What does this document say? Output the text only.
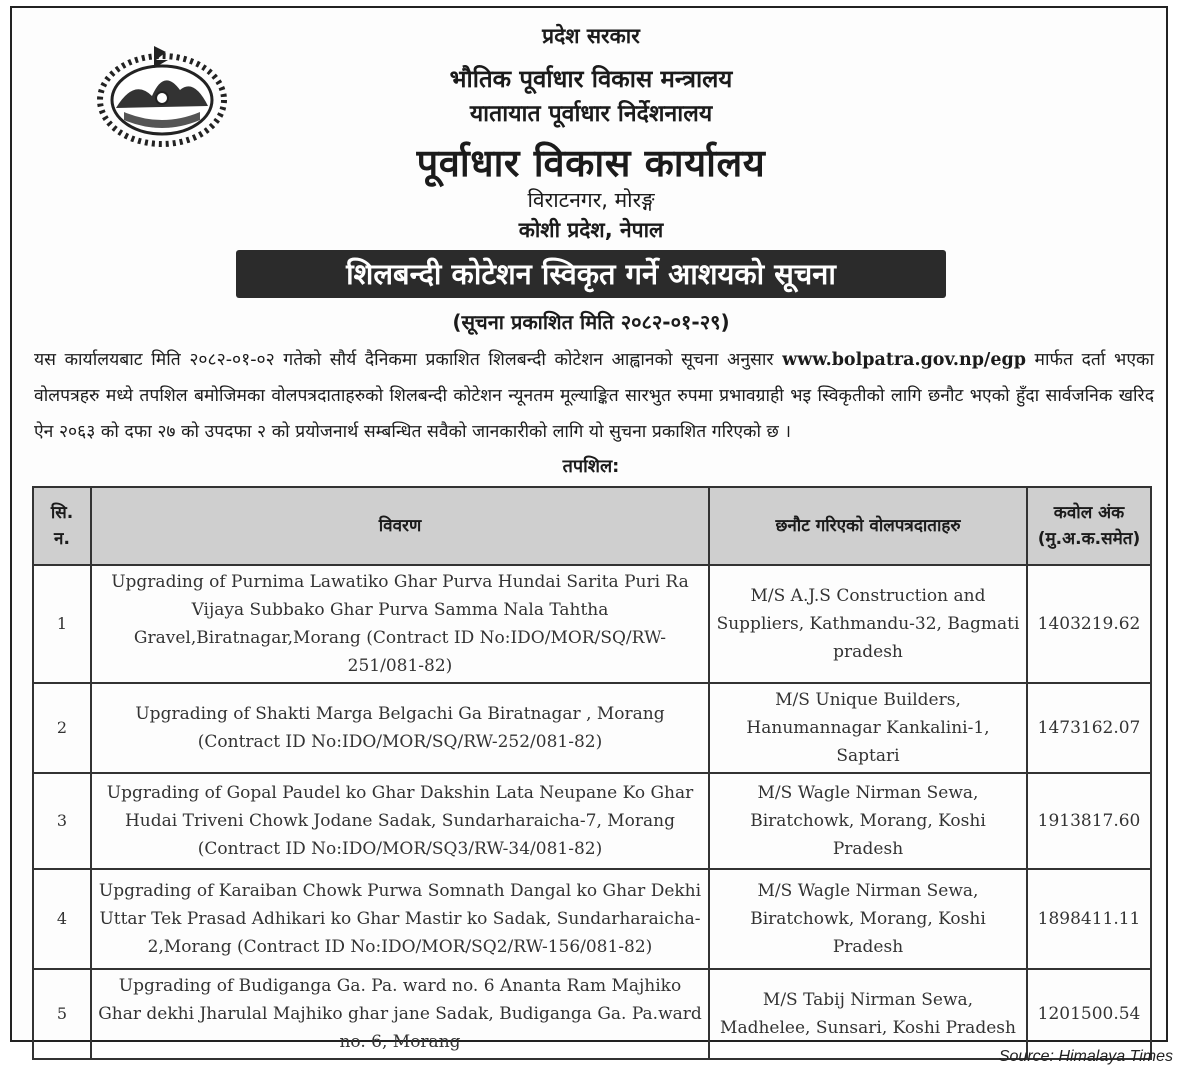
प्रदेश सरकार
भौतिक पूर्वाधार विकास मन्त्रालय
यातायात पूर्वाधार निर्देशनालय
पूर्वाधार विकास कार्यालय
विराटनगर, मोरङ्ग
कोशी प्रदेश, नेपाल
शिलबन्दी कोटेशन स्विकृत गर्ने आशयको सूचना
(सूचना प्रकाशित मिति २०८२-०१-२९)
यस कार्यालयबाट मिति २०८२-०१-०२ गतेको सौर्य दैनिकमा प्रकाशित शिलबन्दी कोटेशन आह्वानको सूचना अनुसार www.bolpatra.gov.np/egp मार्फत दर्ता भएका वोलपत्रहरु मध्ये तपशिल बमोजिमका वोलपत्रदाताहरुको शिलबन्दी कोटेशन न्यूनतम मूल्याङ्कित सारभुत रुपमा प्रभावग्राही भइ स्विकृतीको लागि छनौट भएको हुँदा सार्वजनिक खरिद ऐन २०६३ को दफा २७ को उपदफा २ को प्रयोजनार्थ सम्बन्धित सवैको जानकारीको लागि यो सुचना प्रकाशित गरिएको छ ।
तपशिल:
सि. न.	विवरण	छनौट गरिएको वोलपत्रदाताहरु	कवोल अंक (मु.अ.क.समेत)
1	Upgrading of Purnima Lawatiko Ghar Purva Hundai Sarita Puri Ra Vijaya Subbako Ghar Purva Samma Nala Tahtha Gravel,Biratnagar,Morang (Contract ID No:IDO/MOR/SQ/RW-251/081-82)	M/S A.J.S Construction and Suppliers, Kathmandu-32, Bagmati pradesh	1403219.62
2	Upgrading of Shakti Marga Belgachi Ga Biratnagar , Morang (Contract ID No:IDO/MOR/SQ/RW-252/081-82)	M/S Unique Builders, Hanumannagar Kankalini-1, Saptari	1473162.07
3	Upgrading of Gopal Paudel ko Ghar Dakshin Lata Neupane Ko Ghar Hudai Triveni Chowk Jodane Sadak, Sundarharaicha-7, Morang (Contract ID No:IDO/MOR/SQ3/RW-34/081-82)	M/S Wagle Nirman Sewa, Biratchowk, Morang, Koshi Pradesh	1913817.60
4	Upgrading of Karaiban Chowk Purwa Somnath Dangal ko Ghar Dekhi Uttar Tek Prasad Adhikari ko Ghar Mastir ko Sadak, Sundarharaicha-2,Morang (Contract ID No:IDO/MOR/SQ2/RW-156/081-82)	M/S Wagle Nirman Sewa, Biratchowk, Morang, Koshi Pradesh	1898411.11
5	Upgrading of Budiganga Ga. Pa. ward no. 6 Ananta Ram Majhiko Ghar dekhi Jharulal Majhiko ghar jane Sadak, Budiganga Ga. Pa.ward no. 6, Morang	M/S Tabij Nirman Sewa, Madhelee, Sunsari, Koshi Pradesh	1201500.54
Source: Himalaya Times
